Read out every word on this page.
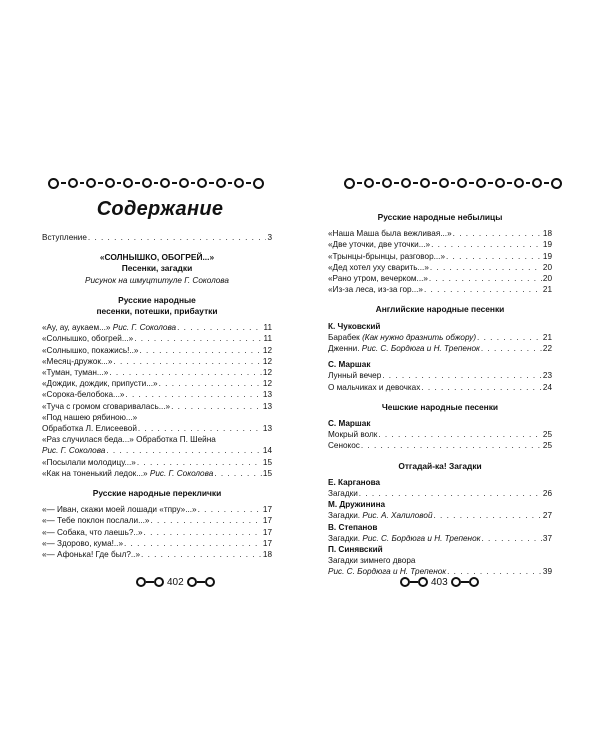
Содержание
Вступление . . .	3
«СОЛНЫШКО, ОБОГРЕЙ...»
Песенки, загадки
Рисунок на шмуцтитуле Г. Соколова
Русские народные
песенки, потешки, прибаутки
«Ау, ау, аукаем...» Рис. Г. Соколова . . .	11
«Солнышко, обогрей...» . . .	11
«Солнышко, покажись!..» . . .	12
«Месяц-дружок...» . . .	12
«Туман, туман...» . . .	12
«Дождик, дождик, припусти...» . . .	12
«Сорока-белобока...» . . .	13
«Туча с громом сговаривалась...» . . .	13
«Под нашею рябиною...»
Обработка Л. Елисеевой . . .	13
«Раз случилася беда...» Обработка П. Шейна
Рис. Г. Соколова . . .	14
«Посылали молодицу...» . . .	15
«Как на тоненький ледок...» Рис. Г. Соколова . . .	15
Русские народные переклички
«— Иван, скажи моей лошади «тпру»...» . . .	17
«— Тебе поклон послали...» . . .	17
«— Собака, что лаешь?..» . . .	17
«— Здорово, кума!..» . . .	17
«— Афонька! Где был?..» . . .	18
402
Русские народные небылицы
«Наша Маша была вежливая...» . . .	18
«Две уточки, две уточки...» . . .	19
«Трынцы-брынцы, разговор...» . . .	19
«Дед хотел уху сварить...» . . .	20
«Рано утром, вечерком...» . . .	20
«Из-за леса, из-за гор...» . . .	21
Английские народные песенки
К. Чуковский
Барабек (Как нужно дразнить обжору) . . .	21
Дженни. Рис. С. Бордюга и Н. Трепенок . . .	22
С. Маршак
Лунный вечер . . .	23
О мальчиках и девочках . . .	24
Чешские народные песенки
С. Маршак
Мокрый волк . . .	25
Сенокос . . .	25
Отгадай-ка! Загадки
Е. Карганова
Загадки . . .	26
М. Дружинина
Загадки. Рис. А. Халиловой . . .	27
В. Степанов
Загадки. Рис. С. Бордюга и Н. Трепенок . . .	37
П. Синявский
Загадки зимнего двора
Рис. С. Бордюга и Н. Трепенок . . .	39
403
